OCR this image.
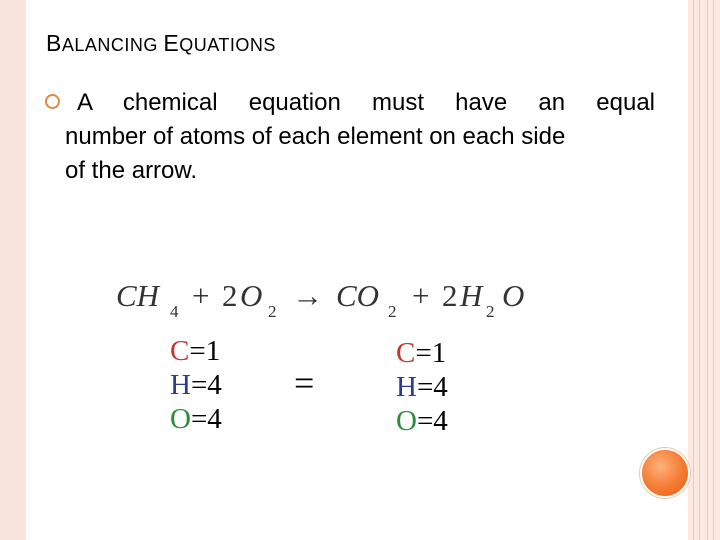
BALANCING EQUATIONS
A chemical equation must have an equal
number of atoms of each element on each side
of the arrow.
CH 4 + 2 O 2 → CO 2 + 2 H 2 O
C=1
H=4
O=4
=
C=1
H=4
O=4
